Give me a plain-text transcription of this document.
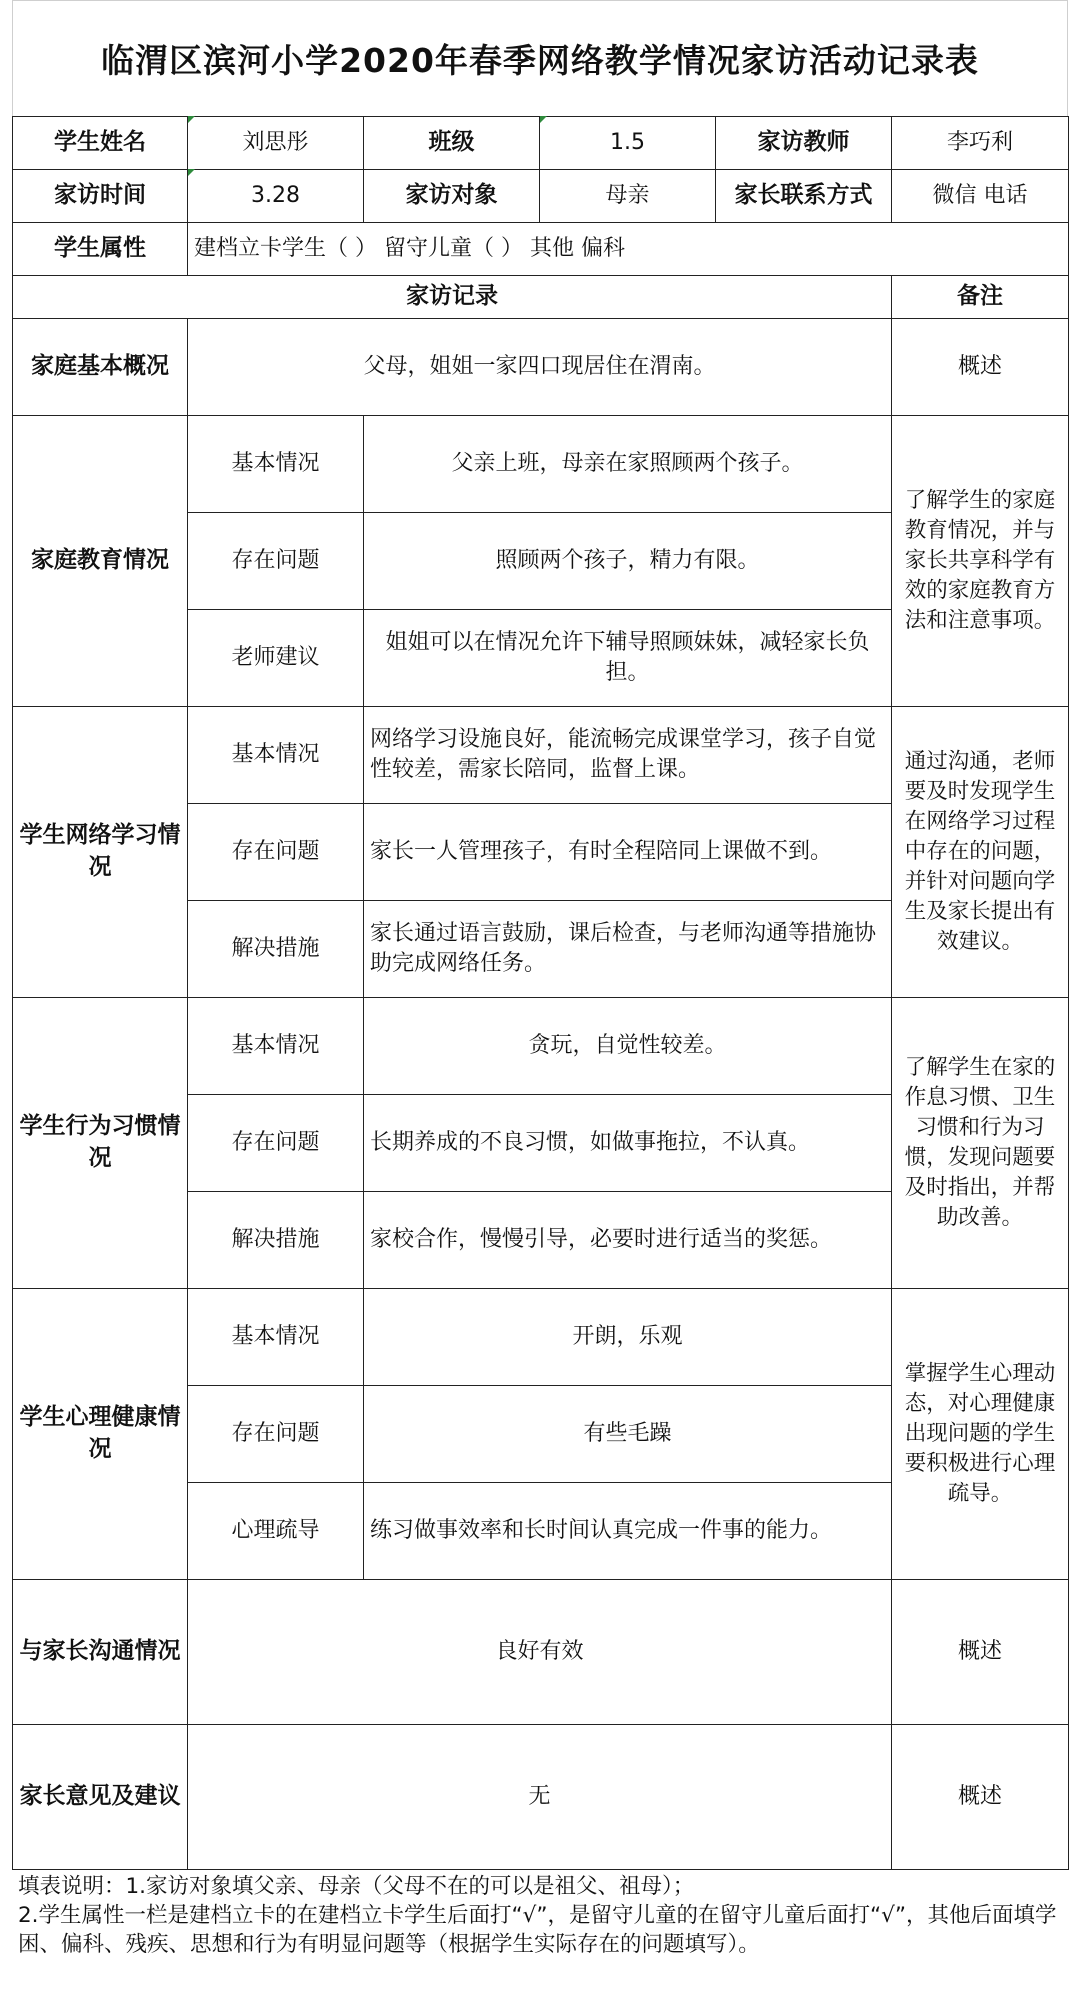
临渭区滨河小学2020年春季网络教学情况家访活动记录表
学生姓名	刘思彤	班级	1.5	家访教师	李巧利
家访时间	3.28	家访对象	母亲	家长联系方式	微信 电话
学生属性	建档立卡学生（ ） 留守儿童（ ） 其他 偏科				
家访记录					备注
家庭基本概况	父母，姐姐一家四口现居住在渭南。				概述
家庭教育情况	基本情况	父亲上班，母亲在家照顾两个孩子。			了解学生的家庭教育情况，并与家长共享科学有效的家庭教育方法和注意事项。
	存在问题	照顾两个孩子，精力有限。			
	老师建议	姐姐可以在情况允许下辅导照顾妹妹，减轻家长负担。			
学生网络学习情况	基本情况	网络学习设施良好，能流畅完成课堂学习，孩子自觉性较差，需家长陪同，监督上课。			通过沟通，老师要及时发现学生在网络学习过程中存在的问题，并针对问题向学生及家长提出有效建议。
	存在问题	家长一人管理孩子，有时全程陪同上课做不到。			
	解决措施	家长通过语言鼓励，课后检查，与老师沟通等措施协助完成网络任务。			
学生行为习惯情况	基本情况	贪玩，自觉性较差。			了解学生在家的作息习惯、卫生习惯和行为习惯，发现问题要及时指出，并帮助改善。
	存在问题	长期养成的不良习惯，如做事拖拉，不认真。			
	解决措施	家校合作，慢慢引导，必要时进行适当的奖惩。			
学生心理健康情况	基本情况	开朗，乐观			掌握学生心理动态，对心理健康出现问题的学生要积极进行心理疏导。
	存在问题	有些毛躁			
	心理疏导	练习做事效率和长时间认真完成一件事的能力。			
与家长沟通情况	良好有效				概述
家长意见及建议	无				概述
填表说明：1.家访对象填父亲、母亲（父母不在的可以是祖父、祖母）；
2.学生属性一栏是建档立卡的在建档立卡学生后面打“√”，是留守儿童的在留守儿童后面打“√”，其他后面填学困、偏科、残疾、思想和行为有明显问题等（根据学生实际存在的问题填写）。
